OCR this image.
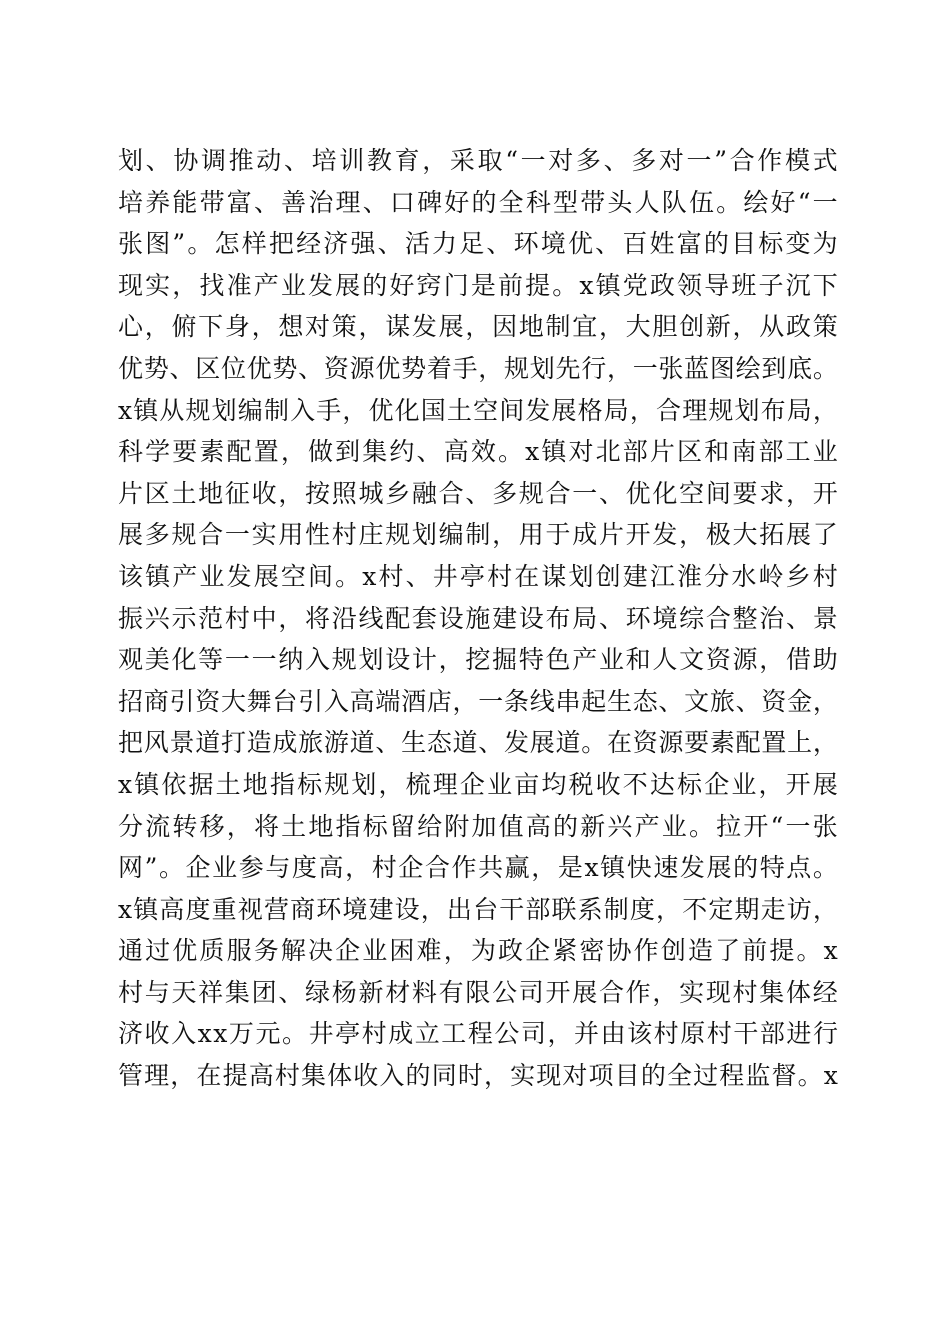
划 、 协 调 推 动 、 培 训 教 育 ， 采 取 “ 一 对 多 、 多 对 一 ” 合 作 模 式
培 养 能 带 富 、 善 治 理 、 口 碑 好 的 全 科 型 带 头 人 队 伍 。 绘 好 “ 一
张 图 ” 。 怎 样 把 经 济 强 、 活 力 足 、 环 境 优 、 百 姓 富 的 目 标 变 为
现 实 ， 找 准 产 业 发 展 的 好 窍 门 是 前 提 。 x 镇 党 政 领 导 班 子 沉 下
心 ， 俯 下 身 ， 想 对 策 ， 谋 发 展 ， 因 地 制 宜 ， 大 胆 创 新 ， 从 政 策
优 势 、 区 位 优 势 、 资 源 优 势 着 手 ， 规 划 先 行 ， 一 张 蓝 图 绘 到 底 。
x 镇 从 规 划 编 制 入 手 ， 优 化 国 土 空 间 发 展 格 局 ， 合 理 规 划 布 局 ，
科 学 要 素 配 置 ， 做 到 集 约 、 高 效 。 x 镇 对 北 部 片 区 和 南 部 工 业
片 区 土 地 征 收 ， 按 照 城 乡 融 合 、 多 规 合 一 、 优 化 空 间 要 求 ， 开
展 多 规 合 一 实 用 性 村 庄 规 划 编 制 ， 用 于 成 片 开 发 ， 极 大 拓 展 了
该 镇 产 业 发 展 空 间 。 x 村 、 井 亭 村 在 谋 划 创 建 江 淮 分 水 岭 乡 村
振 兴 示 范 村 中 ， 将 沿 线 配 套 设 施 建 设 布 局 、 环 境 综 合 整 治 、 景
观 美 化 等 一 一 纳 入 规 划 设 计 ， 挖 掘 特 色 产 业 和 人 文 资 源 ， 借 助
招 商 引 资 大 舞 台 引 入 高 端 酒 店 ， 一 条 线 串 起 生 态 、 文 旅 、 资 金 ，
把 风 景 道 打 造 成 旅 游 道 、 生 态 道 、 发 展 道 。 在 资 源 要 素 配 置 上 ，
x 镇 依 据 土 地 指 标 规 划 ， 梳 理 企 业 亩 均 税 收 不 达 标 企 业 ， 开 展
分 流 转 移 ， 将 土 地 指 标 留 给 附 加 值 高 的 新 兴 产 业 。 拉 开 “ 一 张
网 ” 。 企 业 参 与 度 高 ， 村 企 合 作 共 赢 ， 是 x 镇 快 速 发 展 的 特 点 。
x 镇 高 度 重 视 营 商 环 境 建 设 ， 出 台 干 部 联 系 制 度 ， 不 定 期 走 访 ，
通 过 优 质 服 务 解 决 企 业 困 难 ， 为 政 企 紧 密 协 作 创 造 了 前 提 。 x
村 与 天 祥 集 团 、 绿 杨 新 材 料 有 限 公 司 开 展 合 作 ， 实 现 村 集 体 经
济 收 入 x x 万 元 。 井 亭 村 成 立 工 程 公 司 ， 并 由 该 村 原 村 干 部 进 行
管 理 ， 在 提 高 村 集 体 收 入 的 同 时 ， 实 现 对 项 目 的 全 过 程 监 督 。 x
